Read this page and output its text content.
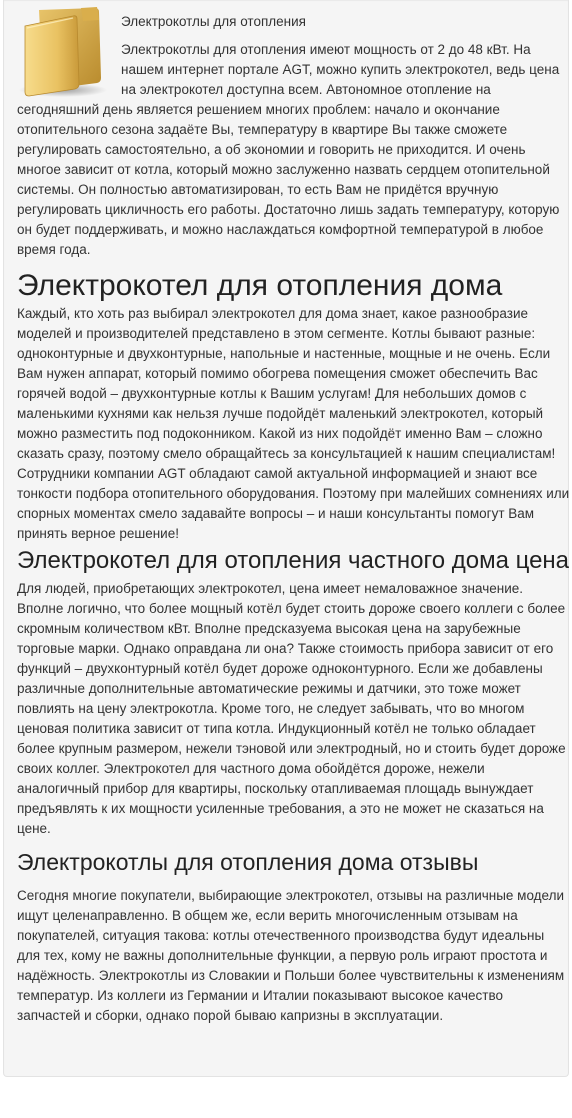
Электрокотлы для отопления

Электрокотлы для отопления имеют мощность от 2 до 48 кВт. На нашем интернет портале AGT, можно купить электрокотел, ведь цена на электрокотел доступна всем. Автономное отопление на сегодняшний день является решением многих проблем: начало и окончание отопительного сезона задаёте Вы, температуру в квартире Вы также сможете регулировать самостоятельно, а об экономии и говорить не приходится. И очень многое зависит от котла, который можно заслуженно назвать сердцем отопительной системы. Он полностью автоматизирован, то есть Вам не придётся вручную регулировать цикличность его работы. Достаточно лишь задать температуру, которую он будет поддерживать, и можно наслаждаться комфортной температурой в любое время года.

Электрокотел для отопления дома

Каждый, кто хоть раз выбирал электрокотел для дома знает, какое разнообразие моделей и производителей представлено в этом сегменте. Котлы бывают разные: одноконтурные и двухконтурные, напольные и настенные, мощные и не очень. Если Вам нужен аппарат, который помимо обогрева помещения сможет обеспечить Вас горячей водой – двухконтурные котлы к Вашим услугам! Для небольших домов с маленькими кухнями как нельзя лучше подойдёт маленький электрокотел, который можно разместить под подоконником. Какой из них подойдёт именно Вам – сложно сказать сразу, поэтому смело обращайтесь за консультацией к нашим специалистам! Сотрудники компании AGT обладают самой актуальной информацией и знают все тонкости подбора отопительного оборудования. Поэтому при малейших сомнениях или спорных моментах смело задавайте вопросы – и наши консультанты помогут Вам принять верное решение!

Электрокотел для отопления частного дома цена

Для людей, приобретающих электрокотел, цена имеет немаловажное значение. Вполне логично, что более мощный котёл будет стоить дороже своего коллеги с более скромным количеством кВт. Вполне предсказуема высокая цена на зарубежные торговые марки. Однако оправдана ли она? Также стоимость прибора зависит от его функций – двухконтурный котёл будет дороже одноконтурного. Если же добавлены различные дополнительные автоматические режимы и датчики, это тоже может повлиять на цену электрокотла. Кроме того, не следует забывать, что во многом ценовая политика зависит от типа котла. Индукционный котёл не только обладает более крупным размером, нежели тэновой или электродный, но и стоить будет дороже своих коллег. Электрокотел для частного дома обойдётся дороже, нежели аналогичный прибор для квартиры, поскольку отапливаемая площадь вынуждает предъявлять к их мощности усиленные требования, а это не может не сказаться на цене.

Электрокотлы для отопления дома отзывы

Сегодня многие покупатели, выбирающие электрокотел, отзывы на различные модели ищут целенаправленно. В общем же, если верить многочисленным отзывам на покупателей, ситуация такова: котлы отечественного производства будут идеальны для тех, кому не важны дополнительные функции, а первую роль играют простота и надёжность. Электрокотлы из Словакии и Польши более чувствительны к изменениям температур. Из коллеги из Германии и Италии показывают высокое качество запчастей и сборки, однако порой бываю капризны в эксплуатации.
